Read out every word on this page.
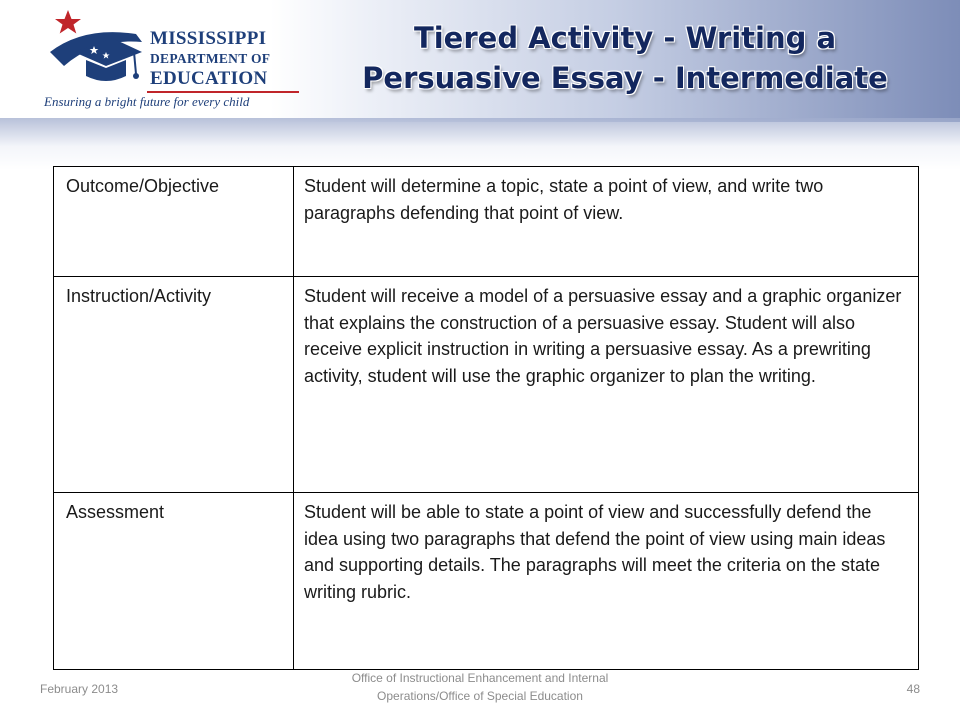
MISSISSIPPI
DEPARTMENT OF
EDUCATION
Ensuring a bright future for every child
Tiered Activity - Writing a
Persuasive Essay - Intermediate
Outcome/Objective	Student will determine a topic, state a point of view, and write two paragraphs defending that point of view.
Instruction/Activity	Student will receive a model of a persuasive essay and a graphic organizer that explains the construction of a persuasive essay. Student will also receive explicit instruction in writing a persuasive essay. As a prewriting activity, student will use the graphic organizer to plan the writing.
Assessment	Student will be able to state a point of view and successfully defend the idea using two paragraphs that defend the point of view using main ideas and supporting details. The paragraphs will meet the criteria on the state writing rubric.
February 2013
Office of Instructional Enhancement and Internal
Operations/Office of Special Education	48
